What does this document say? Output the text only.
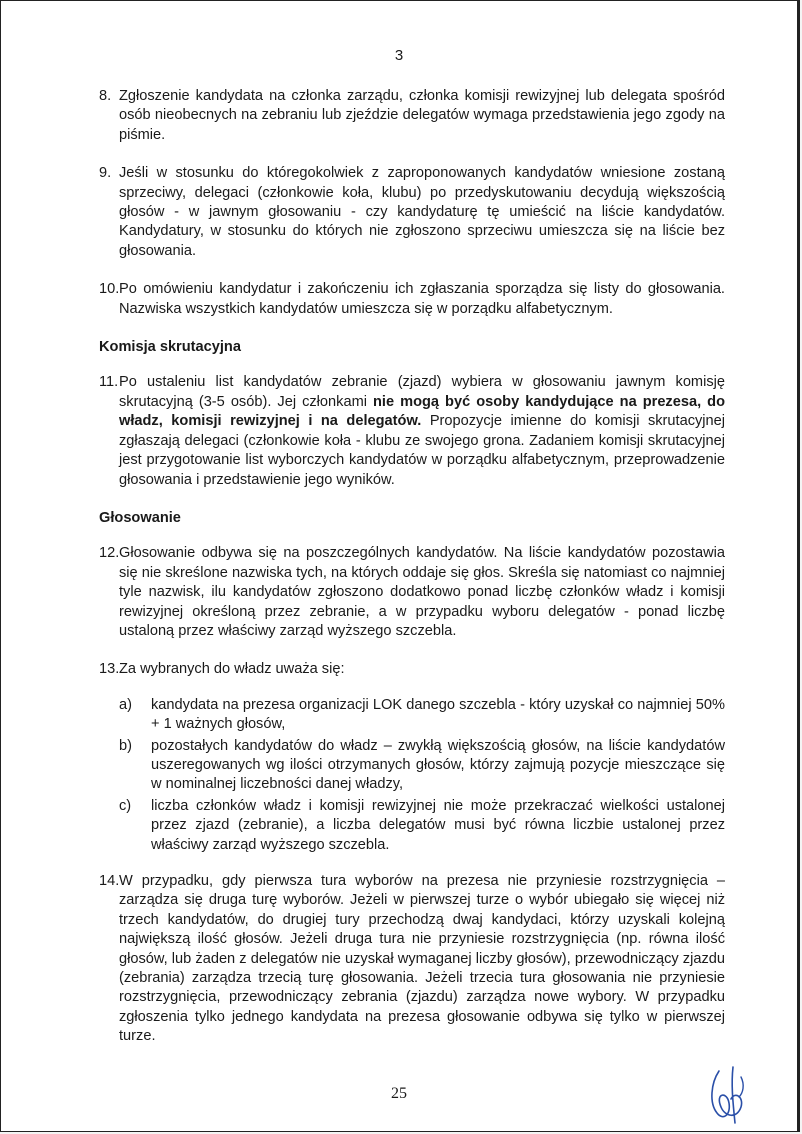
3
8. Zgłoszenie kandydata na członka zarządu, członka komisji rewizyjnej lub delegata spośród osób nieobecnych na zebraniu lub zjeździe delegatów wymaga przedstawienia jego zgody na piśmie.
9. Jeśli w stosunku do któregokolwiek z zaproponowanych kandydatów wniesione zostaną sprzeciwy, delegaci (członkowie koła, klubu) po przedyskutowaniu decydują większością głosów - w jawnym głosowaniu - czy kandydaturę tę umieścić na liście kandydatów. Kandydatury, w stosunku do których nie zgłoszono sprzeciwu umieszcza się na liście bez głosowania.
10. Po omówieniu kandydatur i zakończeniu ich zgłaszania sporządza się listy do głosowania. Nazwiska wszystkich kandydatów umieszcza się w porządku alfabetycznym.
Komisja skrutacyjna
11. Po ustaleniu list kandydatów zebranie (zjazd) wybiera w głosowaniu jawnym komisję skrutacyjną (3-5 osób). Jej członkami nie mogą być osoby kandydujące na prezesa, do władz, komisji rewizyjnej i na delegatów. Propozycje imienne do komisji skrutacyjnej zgłaszają delegaci (członkowie koła - klubu ze swojego grona. Zadaniem komisji skrutacyjnej jest przygotowanie list wyborczych kandydatów w porządku alfabetycznym, przeprowadzenie głosowania i przedstawienie jego wyników.
Głosowanie
12. Głosowanie odbywa się na poszczególnych kandydatów. Na liście kandydatów pozostawia się nie skreślone nazwiska tych, na których oddaje się głos. Skreśla się natomiast co najmniej tyle nazwisk, ilu kandydatów zgłoszono dodatkowo ponad liczbę członków władz i komisji rewizyjnej określoną przez zebranie, a w przypadku wyboru delegatów - ponad liczbę ustaloną przez właściwy zarząd wyższego szczebla.
13. Za wybranych do władz uważa się:
a) kandydata na prezesa organizacji LOK danego szczebla - który uzyskał co najmniej 50% + 1 ważnych głosów,
b) pozostałych kandydatów do władz – zwykłą większością głosów, na liście kandydatów uszeregowanych wg ilości otrzymanych głosów, którzy zajmują pozycje mieszczące się w nominalnej liczebności danej władzy,
c) liczba członków władz i komisji rewizyjnej nie może przekraczać wielkości ustalonej przez zjazd (zebranie), a liczba delegatów musi być równa liczbie ustalonej przez właściwy zarząd wyższego szczebla.
14. W przypadku, gdy pierwsza tura wyborów na prezesa nie przyniesie rozstrzygnięcia – zarządza się druga turę wyborów. Jeżeli w pierwszej turze o wybór ubiegało się więcej niż trzech kandydatów, do drugiej tury przechodzą dwaj kandydaci, którzy uzyskali kolejną największą ilość głosów. Jeżeli druga tura nie przyniesie rozstrzygnięcia (np. równa ilość głosów, lub żaden z delegatów nie uzyskał wymaganej liczby głosów), przewodniczący zjazdu (zebrania) zarządza trzecią turę głosowania. Jeżeli trzecia tura głosowania nie przyniesie rozstrzygnięcia, przewodniczący zebrania (zjazdu) zarządza nowe wybory. W przypadku zgłoszenia tylko jednego kandydata na prezesa głosowanie odbywa się tylko w pierwszej turze.
25
